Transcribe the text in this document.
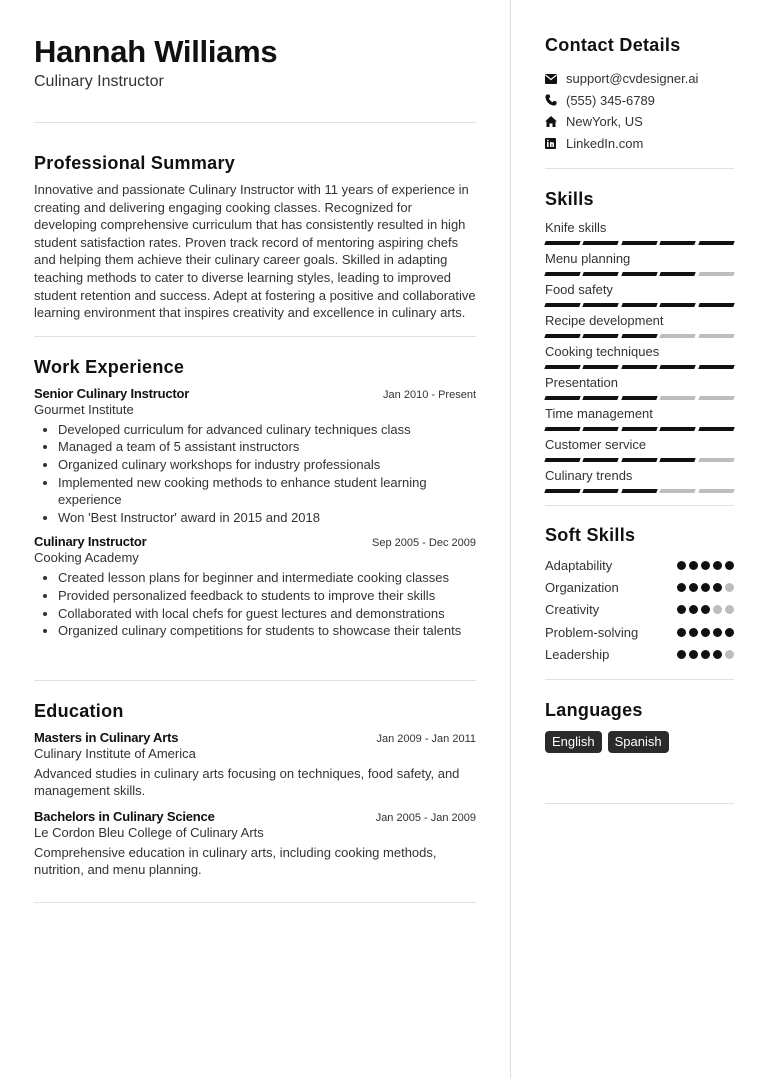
Hannah Williams
Culinary Instructor
Professional Summary
Innovative and passionate Culinary Instructor with 11 years of experience in creating and delivering engaging cooking classes. Recognized for developing comprehensive curriculum that has consistently resulted in high student satisfaction rates. Proven track record of mentoring aspiring chefs and helping them achieve their culinary career goals. Skilled in adapting teaching methods to cater to diverse learning styles, leading to improved student retention and success. Adept at fostering a positive and collaborative learning environment that inspires creativity and excellence in culinary arts.
Work Experience
Senior Culinary Instructor	Jan 2010 - Present
Gourmet Institute
• Developed curriculum for advanced culinary techniques class
• Managed a team of 5 assistant instructors
• Organized culinary workshops for industry professionals
• Implemented new cooking methods to enhance student learning experience
• Won 'Best Instructor' award in 2015 and 2018
Culinary Instructor	Sep 2005 - Dec 2009
Cooking Academy
• Created lesson plans for beginner and intermediate cooking classes
• Provided personalized feedback to students to improve their skills
• Collaborated with local chefs for guest lectures and demonstrations
• Organized culinary competitions for students to showcase their talents
Education
Masters in Culinary Arts	Jan 2009 - Jan 2011
Culinary Institute of America
Advanced studies in culinary arts focusing on techniques, food safety, and management skills.
Bachelors in Culinary Science	Jan 2005 - Jan 2009
Le Cordon Bleu College of Culinary Arts
Comprehensive education in culinary arts, including cooking methods, nutrition, and menu planning.
Contact Details
support@cvdesigner.ai
(555) 345-6789
NewYork, US
LinkedIn.com
Skills
Knife skills
Menu planning
Food safety
Recipe development
Cooking techniques
Presentation
Time management
Customer service
Culinary trends
Soft Skills
Adaptability
Organization
Creativity
Problem-solving
Leadership
Languages
English	Spanish
